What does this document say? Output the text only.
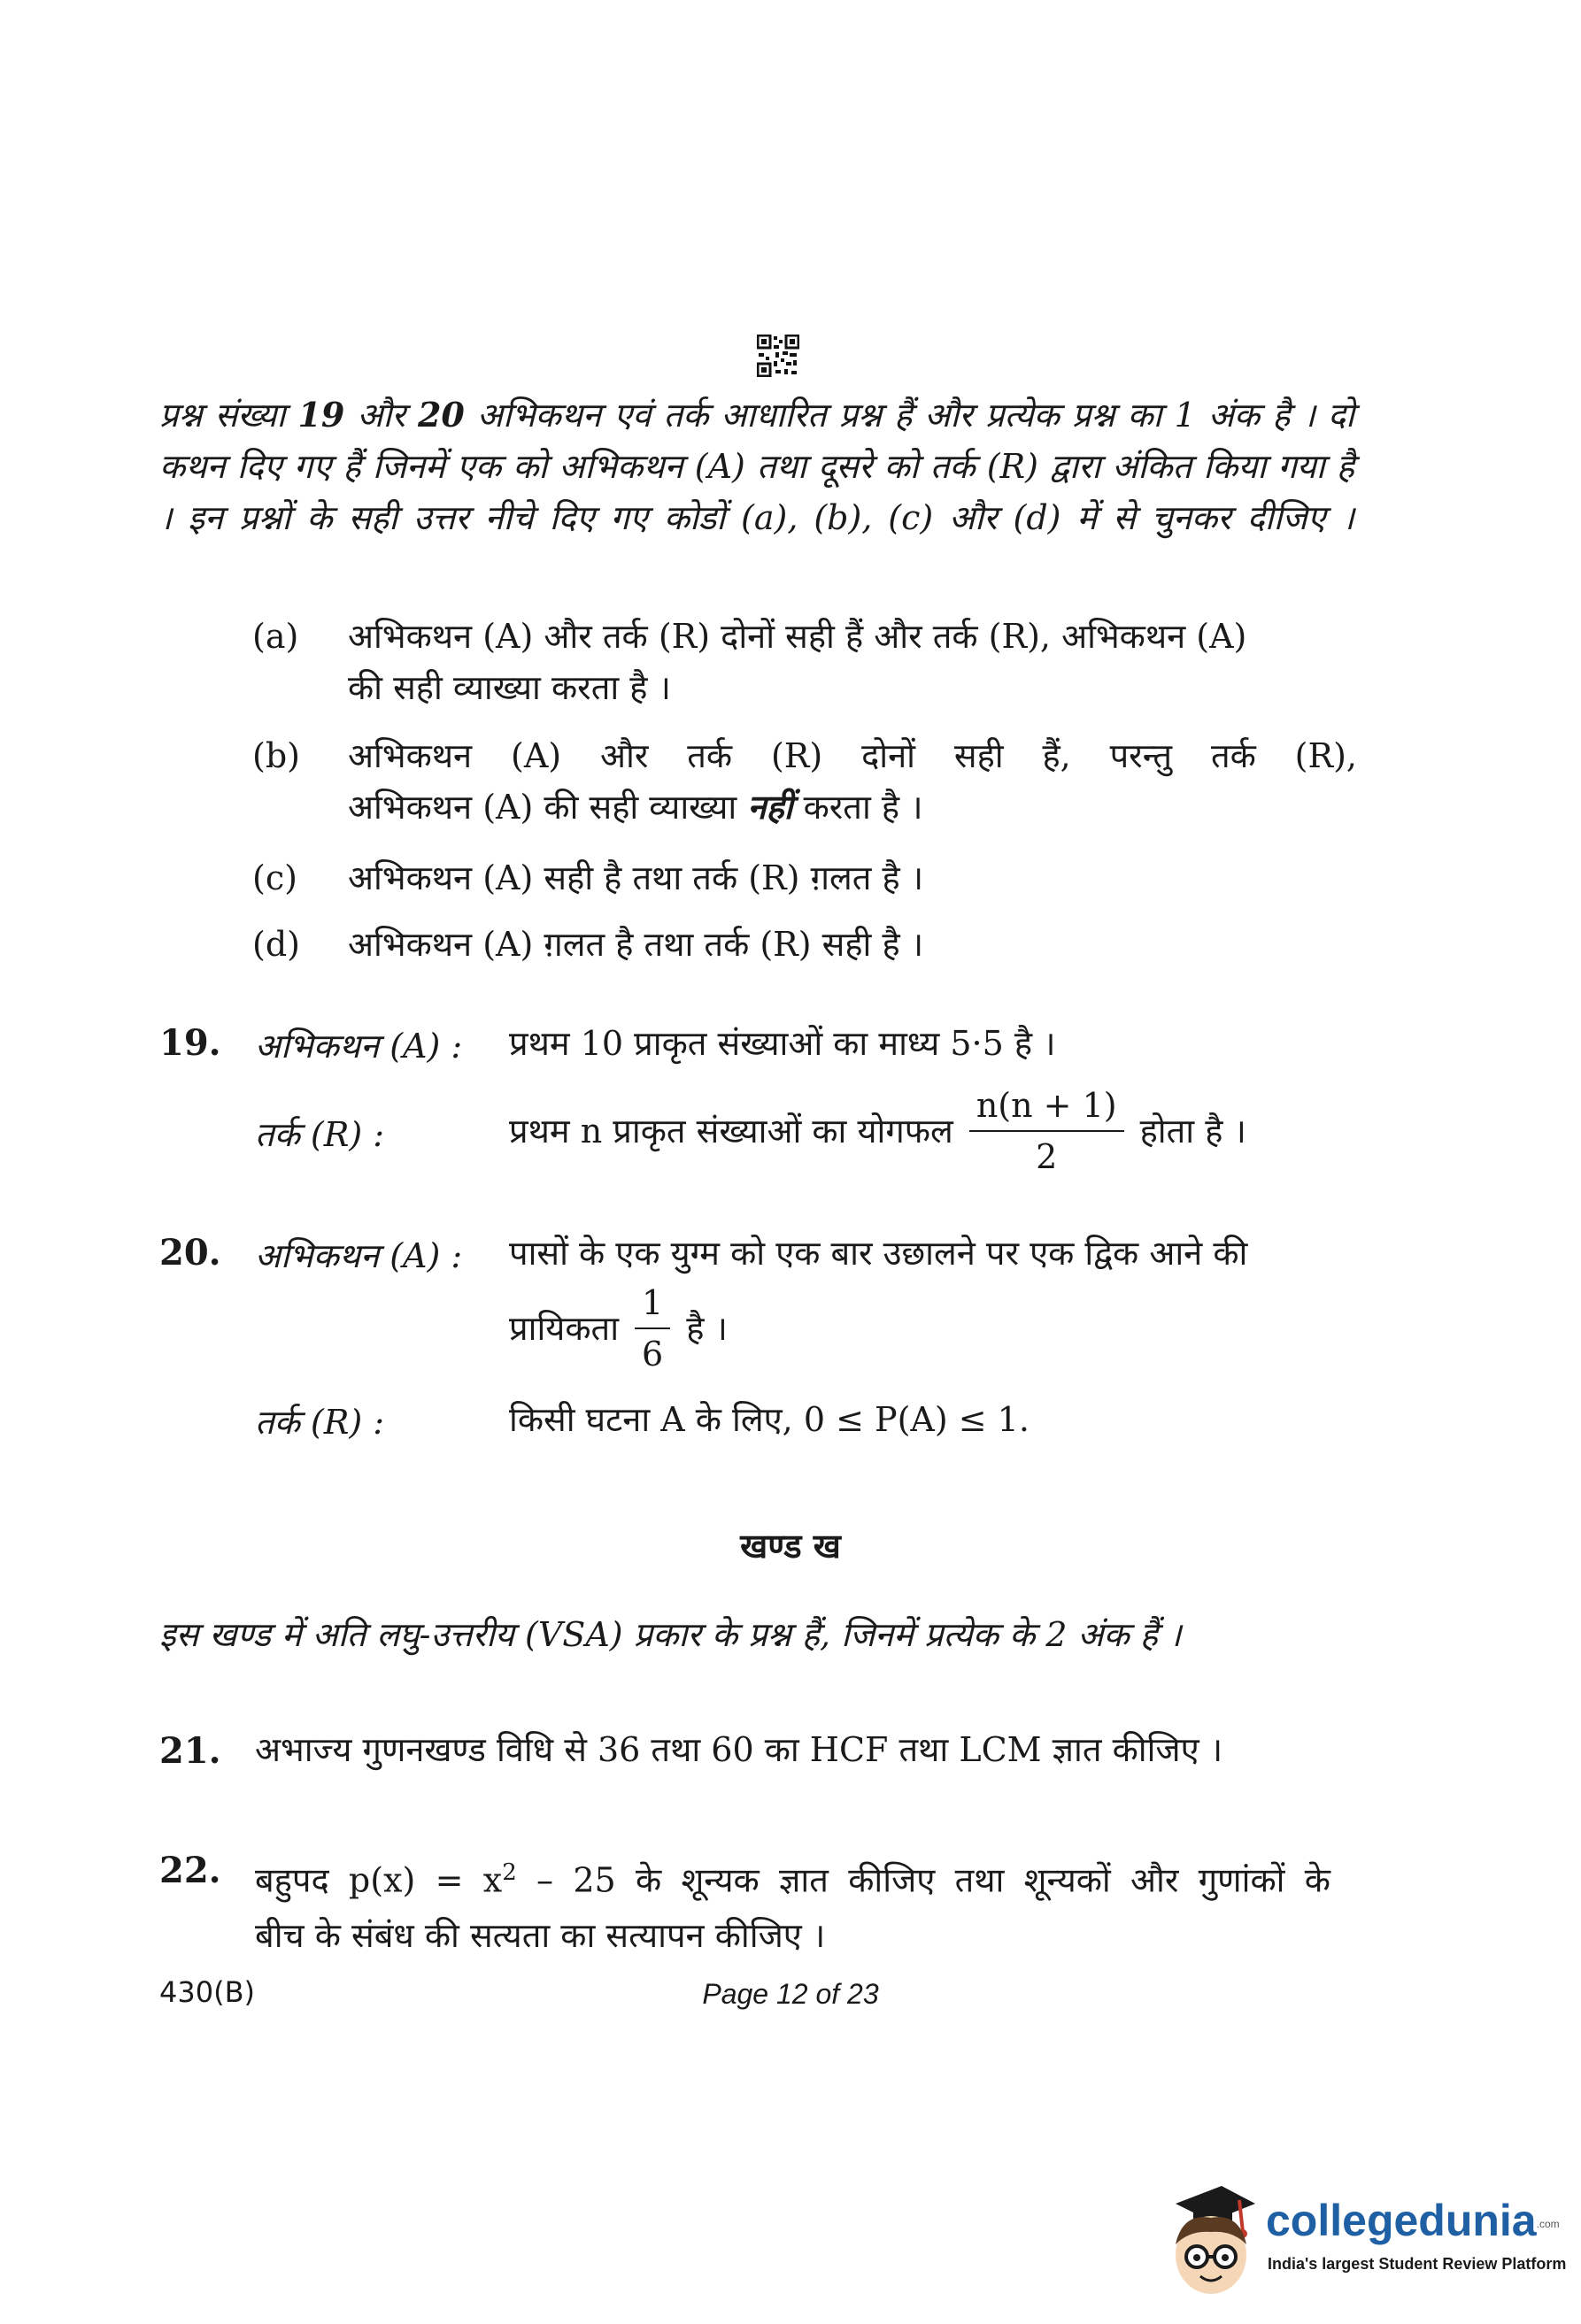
प्रश्न संख्या 19 और 20 अभिकथन एवं तर्क आधारित प्रश्न हैं और प्रत्येक प्रश्न का 1 अंक है । दो कथन दिए गए हैं जिनमें एक को अभिकथन (A) तथा दूसरे को तर्क (R) द्वारा अंकित किया गया है । इन प्रश्नों के सही उत्तर नीचे दिए गए कोडों (a), (b), (c) और (d) में से चुनकर दीजिए ।
(a) अभिकथन (A) और तर्क (R) दोनों सही हैं और तर्क (R), अभिकथन (A)
की सही व्याख्या करता है ।
(b) अभिकथन (A) और तर्क (R) दोनों सही हैं, परन्तु तर्क (R),
अभिकथन (A) की सही व्याख्या नहीं करता है ।
(c) अभिकथन (A) सही है तथा तर्क (R) ग़लत है ।
(d) अभिकथन (A) ग़लत है तथा तर्क (R) सही है ।
19. अभिकथन (A) : प्रथम 10 प्राकृत संख्याओं का माध्य 5·5 है ।
तर्क (R) :	प्रथम n प्राकृत संख्याओं का योगफल $\frac{n(n + 1)}{2}$ होता है ।
20. अभिकथन (A) : पासों के एक युग्म को एक बार उछालने पर एक द्विक आने की
प्रायिकता $\frac{1}{6}$ है ।
तर्क (R) :	किसी घटना A के लिए, 0 ≤ P(A) ≤ 1.
खण्ड ख
इस खण्ड में अति लघु-उत्तरीय (VSA) प्रकार के प्रश्न हैं, जिनमें प्रत्येक के 2 अंक हैं ।
21. अभाज्य गुणनखण्ड विधि से 36 तथा 60 का HCF तथा LCM ज्ञात कीजिए ।
22. बहुपद $p(x) = x^2 - 25$ के शून्यक ज्ञात कीजिए तथा शून्यकों और गुणांकों के
बीच के संबंध की सत्यता का सत्यापन कीजिए ।
430(B)	Page 12 of 23
collegedunia.com
India's largest Student Review Platform
